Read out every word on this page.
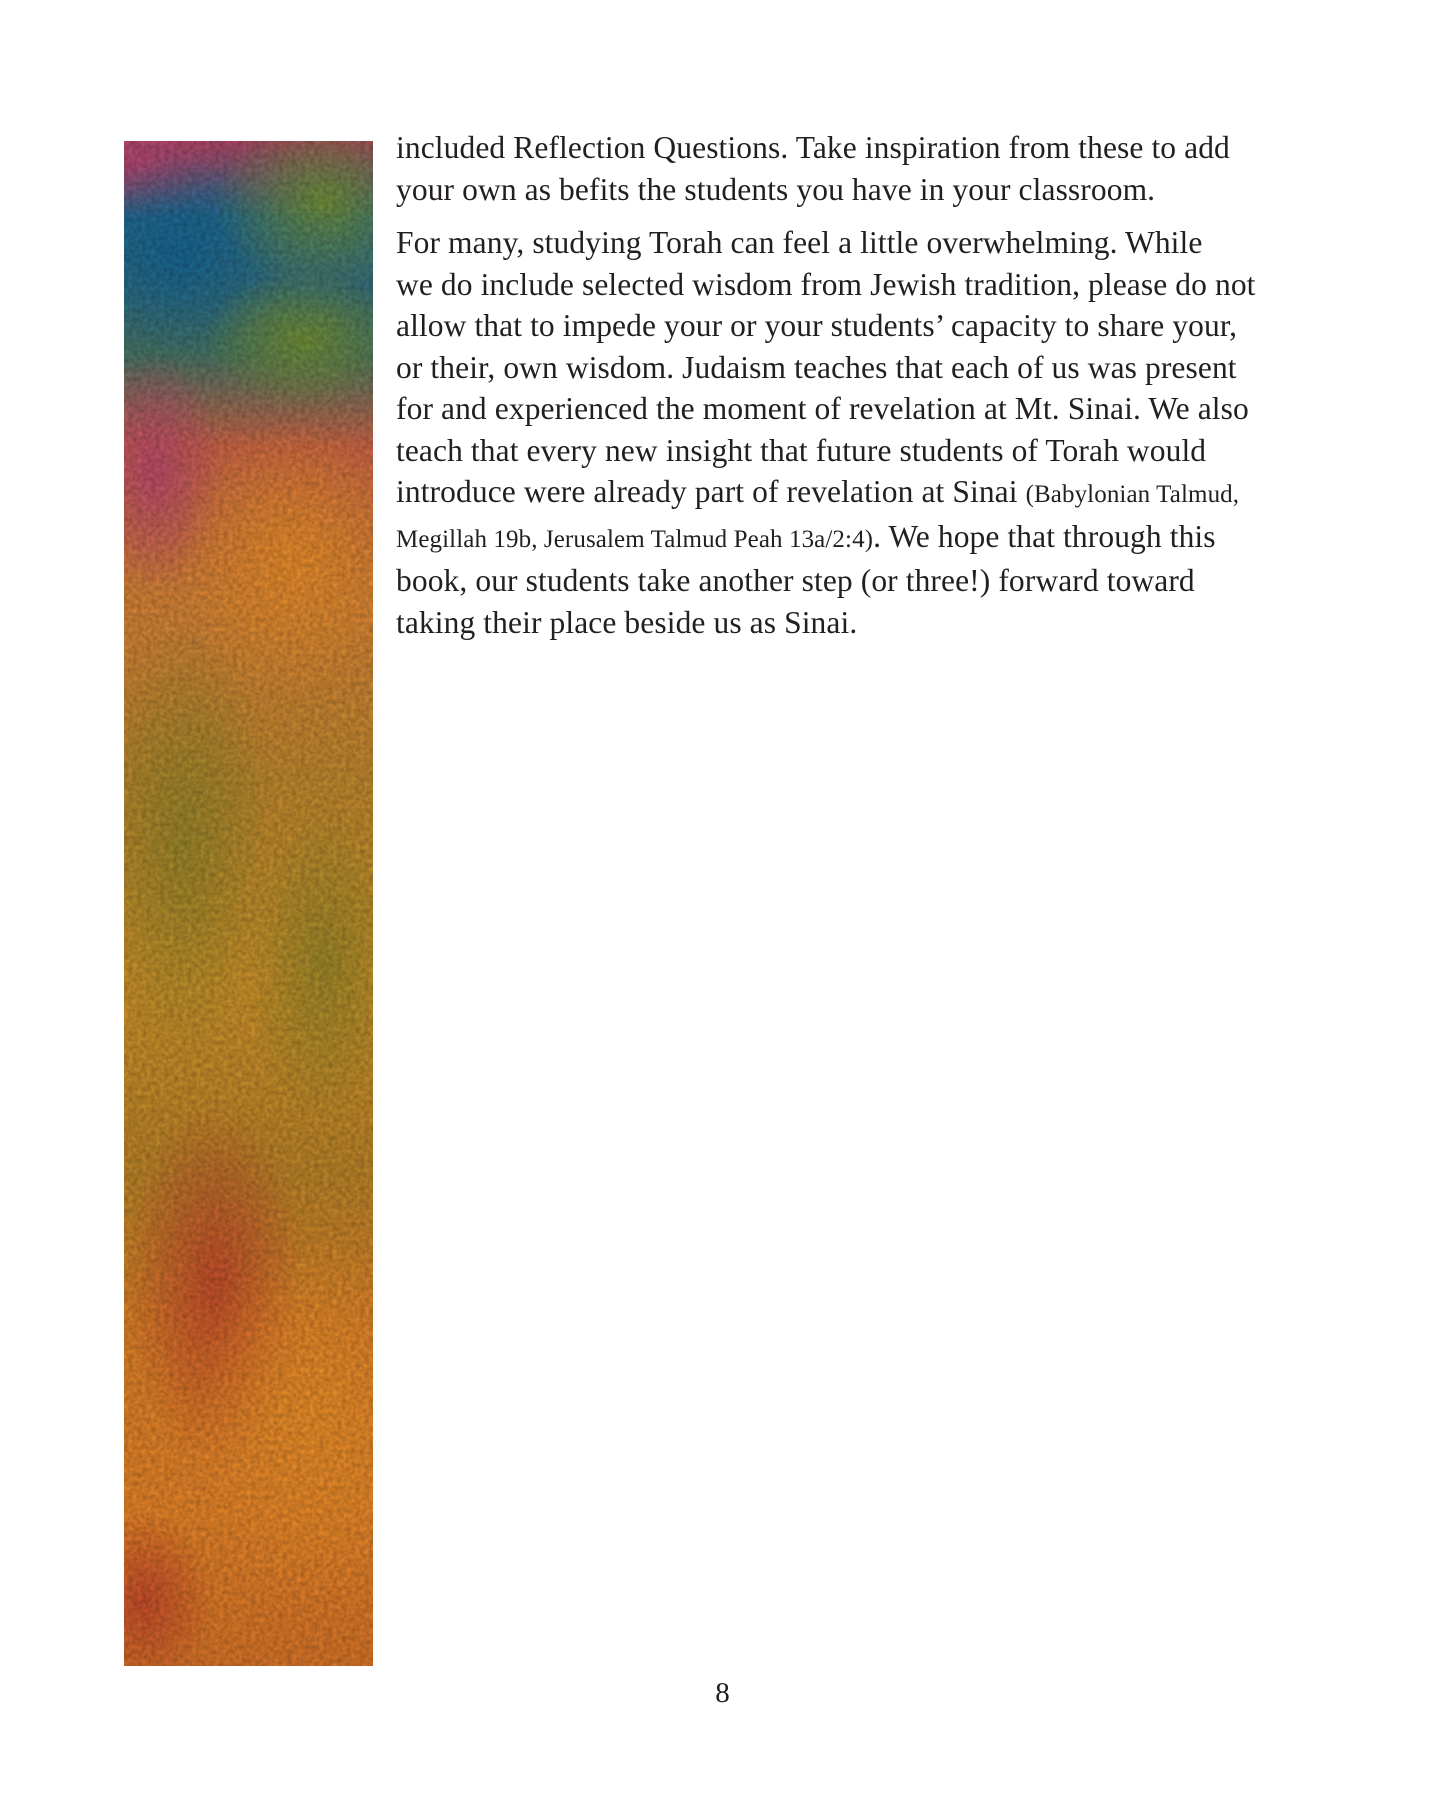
included Reflection Questions. Take inspiration from these to add
your own as befits the students you have in your classroom.
For many, studying Torah can feel a little overwhelming. While
we do include selected wisdom from Jewish tradition, please do not
allow that to impede your or your students’ capacity to share your,
or their, own wisdom. Judaism teaches that each of us was present
for and experienced the moment of revelation at Mt. Sinai. We also
teach that every new insight that future students of Torah would
introduce were already part of revelation at Sinai (Babylonian Talmud,
Megillah 19b, Jerusalem Talmud Peah 13a/2:4). We hope that through this
book, our students take another step (or three!) forward toward
taking their place beside us as Sinai.
8
